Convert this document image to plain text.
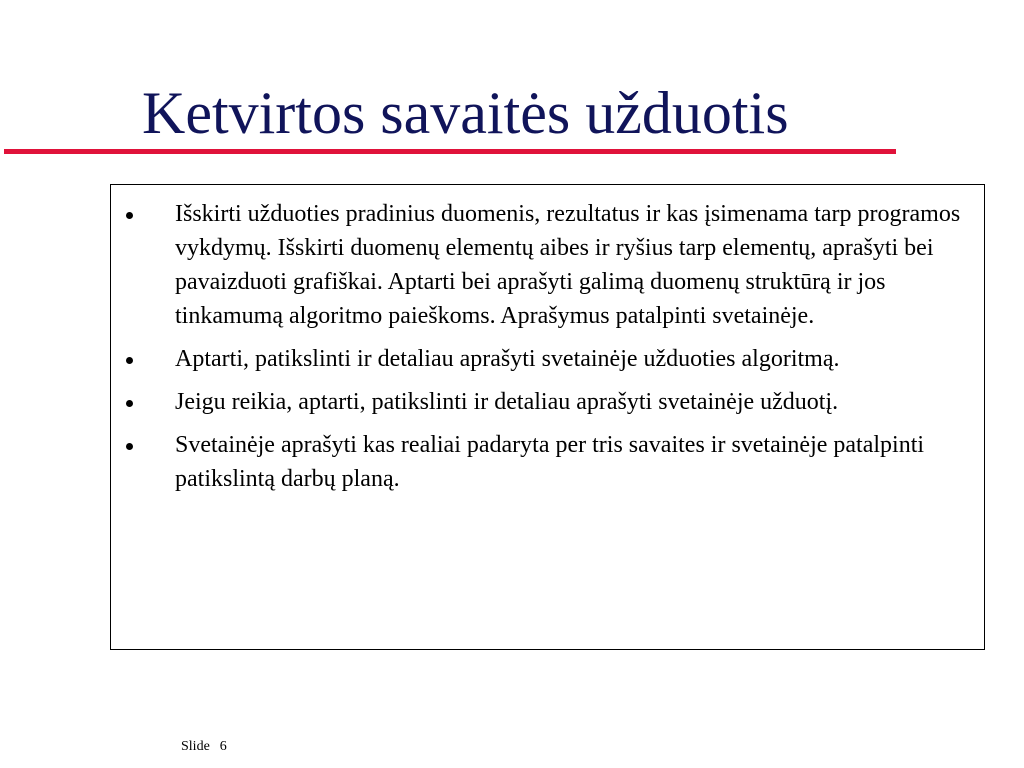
Ketvirtos savaitės užduotis
Išskirti užduoties pradinius duomenis, rezultatus ir kas įsimenama tarp programos vykdymų. Išskirti duomenų elementų aibes ir ryšius tarp elementų, aprašyti bei pavaizduoti grafiškai. Aptarti bei aprašyti galimą duomenų struktūrą ir jos tinkamumą algoritmo paieškoms. Aprašymus patalpinti svetainėje.
Aptarti, patikslinti ir detaliau aprašyti svetainėje užduoties algoritmą.
Jeigu reikia, aptarti, patikslinti ir detaliau aprašyti svetainėje užduotį.
Svetainėje aprašyti kas realiai padaryta per tris savaites ir svetainėje patalpinti patikslintą darbų planą.
Slide 6
